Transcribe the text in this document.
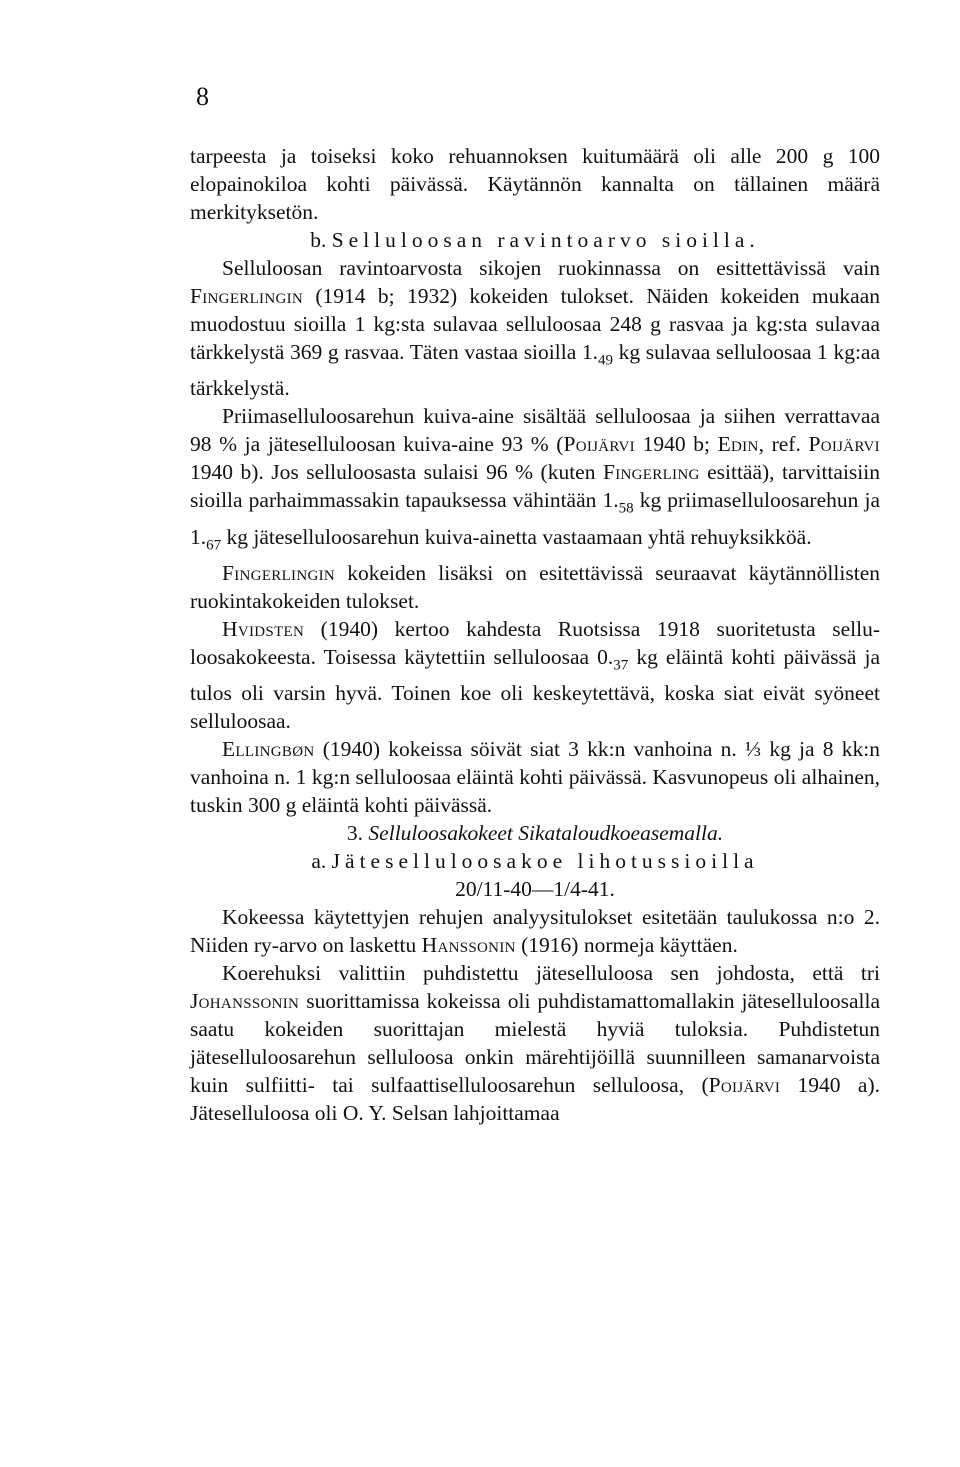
8

tarpeesta ja toiseksi koko rehuannoksen kuitumäärä oli alle 200 g 100 elopainokiloa kohti päivässä. Käytännön kannalta on tällainen määrä merkityksetön.

b. Selluloosan ravintoarvo sioilla.

Selluloosan ravintoarvosta sikojen ruokinnassa on esittettävissä vain Fingerlingin (1914 b; 1932) kokeiden tulokset. Näiden kokeiden mukaan muodostuu sioilla 1 kg:sta sulavaa selluloosaa 248 g rasvaa ja kg:sta sulavaa tärkkelystä 369 g rasvaa. Täten vastaa sioilla $1._{49}$ kg sulavaa selluloosaa 1 kg:aa tärkkelystä.

Priimaselluloosarehun kuiva-aine sisältää selluloosaa ja siihen verrattavaa 98 % ja jäteselluloosan kuiva-aine 93 % (Poijärvi 1940 b; Edin, ref. Poijärvi 1940 b). Jos selluloosasta sulaisi 96 % (kuten Fingerling esittää), tarvittaisiin sioilla parhaimmassakin tapauksessa vähintään $1._{58}$ kg priimaselluloosarehun ja $1._{67}$ kg jäteselluloosarehun kuiva-ainetta vastaamaan yhtä rehuyksikköä.

Fingerlingin kokeiden lisäksi on esitettävissä seuraavat käytännöllisten ruokintakokeiden tulokset.

Hvidsten (1940) kertoo kahdesta Ruotsissa 1918 suoritetusta selluloosakokeesta. Toisessa käytettiin selluloosaa $0._{37}$ kg eläintä kohti päivässä ja tulos oli varsin hyvä. Toinen koe oli keskeytettävä, koska siat eivät syöneet selluloosaa.

Ellingbøn (1940) kokeissa söivät siat 3 kk:n vanhoina n. ⅓ kg ja 8 kk:n vanhoina n. 1 kg:n selluloosaa eläintä kohti päivässä. Kasvunopeus oli alhainen, tuskin 300 g eläintä kohti päivässä.

3. Selluloosakokeet Sikataloudkoeasemalla.

a. Jäteselluloosakoe lihotussioilla

20/11-40—1/4-41.

Kokeessa käytettyjen rehujen analyysitulokset esitetään taulukossa n:o 2. Niiden ry-arvo on laskettu Hanssonin (1916) normeja käyttäen.

Koerehuksi valittiin puhdistettu jäteselluloosa sen johdosta, että tri Johanssonin suorittamissa kokeissa oli puhdistamattomallakin jäteselluloosalla saatu kokeiden suorittajan mielestä hyviä tuloksia. Puhdistetun jäteselluloosarehun selluloosa onkin märehtijöillä suunnilleen samanarvoista kuin sulfiitti- tai sulfaattiselluloosarehun selluloosa, (Poijärvi 1940 a). Jäteselluloosa oli O. Y. Selsan lahjoittamaa
